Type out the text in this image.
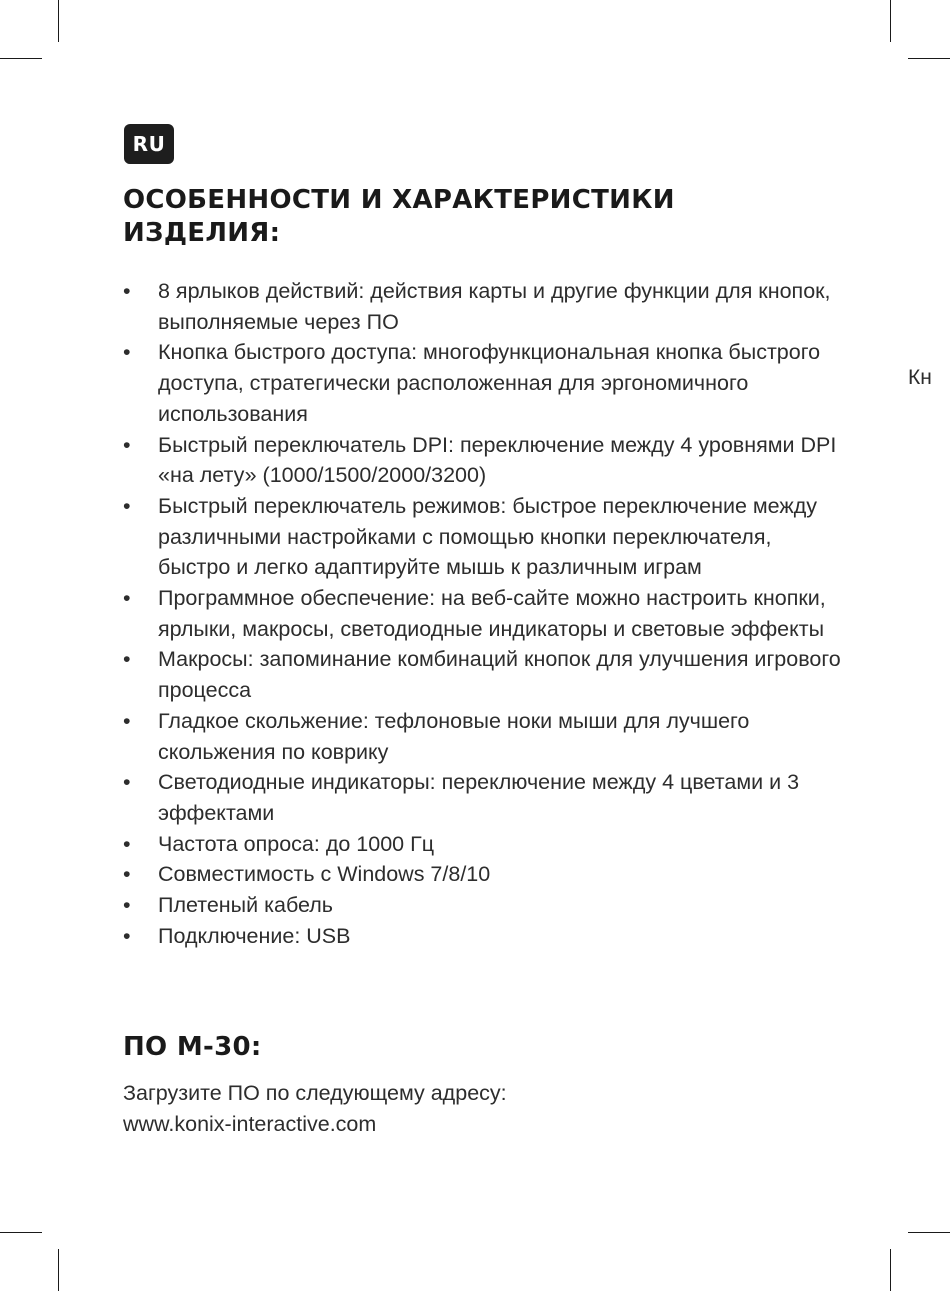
RU
ОСОБЕННОСТИ И ХАРАКТЕРИСТИКИ ИЗДЕЛИЯ:
• 8 ярлыков действий: действия карты и другие функции для кнопок, выполняемые через ПО
• Кнопка быстрого доступа: многофункциональная кнопка быстрого доступа, стратегически расположенная для эргономичного использования
• Быстрый переключатель DPI: переключение между 4 уровнями DPI «на лету» (1000/1500/2000/3200)
• Быстрый переключатель режимов: быстрое переключение между различными настройками с помощью кнопки переключателя, быстро и легко адаптируйте мышь к различным играм
• Программное обеспечение: на веб-сайте можно настроить кнопки, ярлыки, макросы, светодиодные индикаторы и световые эффекты
• Макросы: запоминание комбинаций кнопок для улучшения игрового процесса
• Гладкое скольжение: тефлоновые ноки мыши для лучшего скольжения по коврику
• Светодиодные индикаторы: переключение между 4 цветами и 3 эффектами
• Частота опроса: до 1000 Гц
• Совместимость с Windows 7/8/10
• Плетеный кабель
• Подключение: USB
ПО М-30:
Загрузите ПО по следующему адресу:
www.konix-interactive.com
Кн
